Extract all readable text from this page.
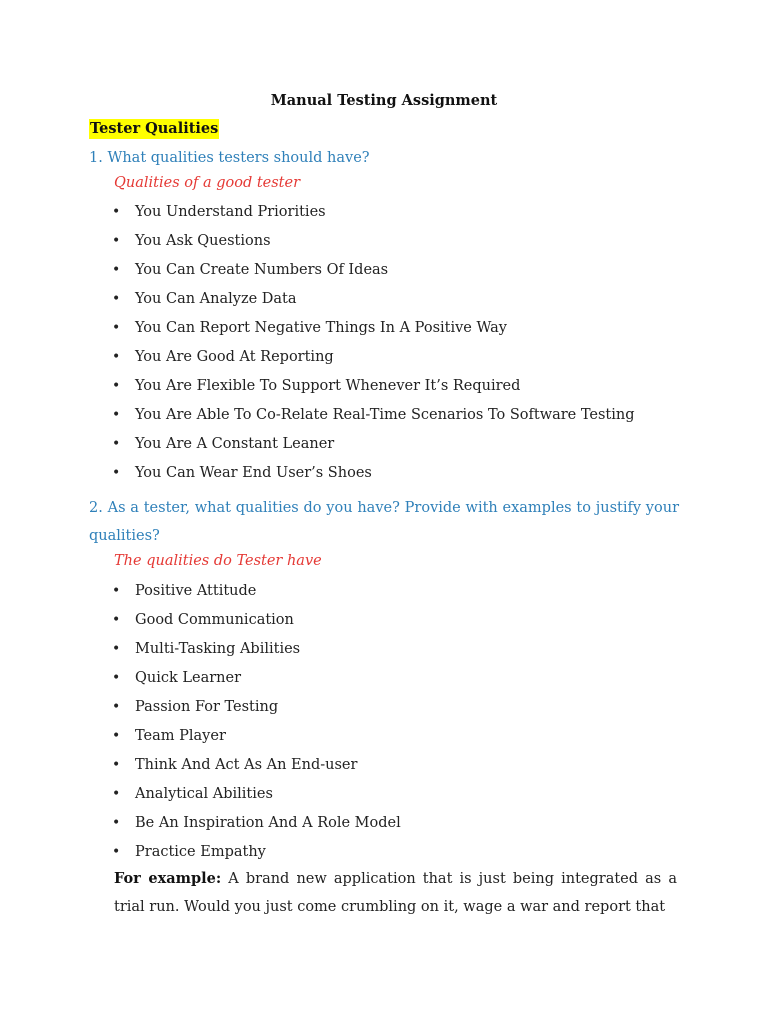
Manual Testing Assignment
Tester Qualities
1. What qualities testers should have?
Qualities of a good tester
• You Understand Priorities
• You Ask Questions
• You Can Create Numbers Of Ideas
• You Can Analyze Data
• You Can Report Negative Things In A Positive Way
• You Are Good At Reporting
• You Are Flexible To Support Whenever It’s Required
• You Are Able To Co-Relate Real-Time Scenarios To Software Testing
• You Are A Constant Leaner
• You Can Wear End User’s Shoes
2. As a tester, what qualities do you have? Provide with examples to justify your qualities?
The qualities do Tester have
• Positive Attitude
• Good Communication
• Multi-Tasking Abilities
• Quick Learner
• Passion For Testing
• Team Player
• Think And Act As An End-user
• Analytical Abilities
• Be An Inspiration And A Role Model
• Practice Empathy
For example: A brand new application that is just being integrated as a trial run. Would you just come crumbling on it, wage a war and report that
